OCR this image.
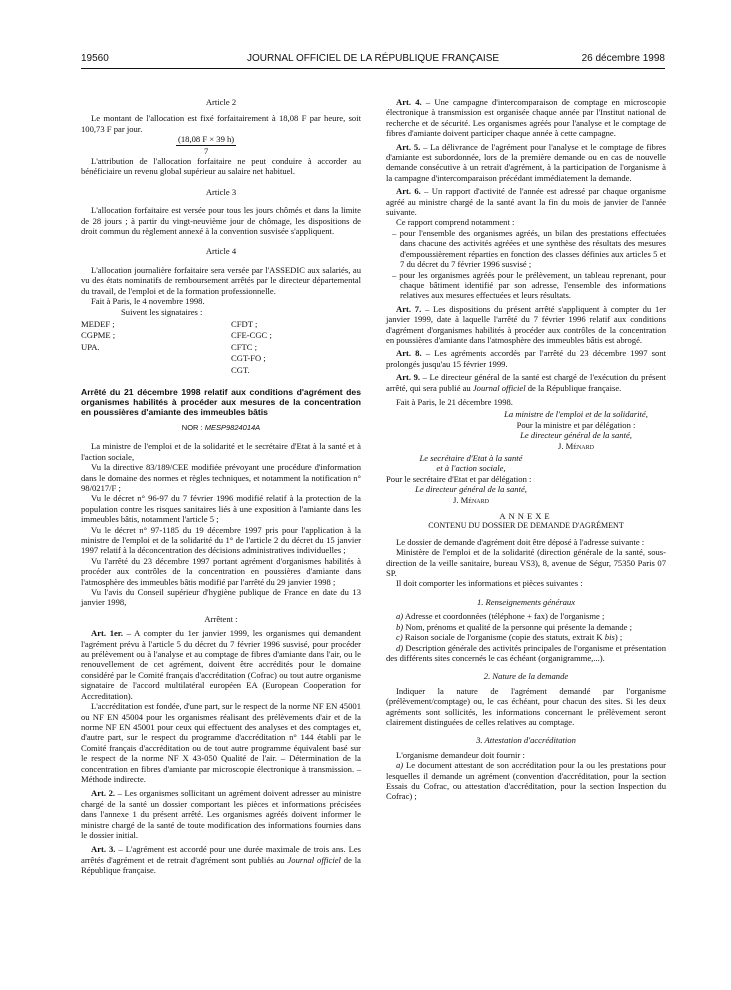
19560	JOURNAL OFFICIEL DE LA RÉPUBLIQUE FRANÇAISE	26 décembre 1998

Article 2

Le montant de l'allocation est fixé forfaitairement à 18,08 F par heure, soit 100,73 F par jour.

$\frac{(18,08 F \times 39 h)}{7}$

L'attribution de l'allocation forfaitaire ne peut conduire à accorder au bénéficiaire un revenu global supérieur au salaire net habituel.

Article 3

L'allocation forfaitaire est versée pour tous les jours chômés et dans la limite de 28 jours ; à partir du vingt-neuvième jour de chômage, les dispositions de droit commun du règlement annexé à la convention susvisée s'appliquent.

Article 4

L'allocation journalière forfaitaire sera versée par l'ASSEDIC aux salariés, au vu des états nominatifs de remboursement arrêtés par le directeur départemental du travail, de l'emploi et de la formation professionnelle.

Fait à Paris, le 4 novembre 1998.

Suivent les signataires :

MEDEF ;	CFDT ;
CGPME ;	CFE-CGC ;
UPA.	CFTC ;
CGT-FO ;
CGT.

Arrêté du 21 décembre 1998 relatif aux conditions d'agrément des organismes habilités à procéder aux mesures de la concentration en poussières d'amiante des immeubles bâtis

NOR : MESP9824014A

La ministre de l'emploi et de la solidarité et le secrétaire d'Etat à la santé et à l'action sociale,

Vu la directive 83/189/CEE modifiée prévoyant une procédure d'information dans le domaine des normes et règles techniques, et notamment la notification n° 98/0217/F ;

Vu le décret n° 96-97 du 7 février 1996 modifié relatif à la protection de la population contre les risques sanitaires liés à une exposition à l'amiante dans les immeubles bâtis, notamment l'article 5 ;

Vu le décret n° 97-1185 du 19 décembre 1997 pris pour l'application à la ministre de l'emploi et de la solidarité du 1° de l'article 2 du décret du 15 janvier 1997 relatif à la déconcentration des décisions administratives individuelles ;

Vu l'arrêté du 23 décembre 1997 portant agrément d'organismes habilités à procéder aux contrôles de la concentration en poussières d'amiante dans l'atmosphère des immeubles bâtis modifié par l'arrêté du 29 janvier 1998 ;

Vu l'avis du Conseil supérieur d'hygiène publique de France en date du 13 janvier 1998,

Arrêtent :

Art. 1er. – A compter du 1er janvier 1999, les organismes qui demandent l'agrément prévu à l'article 5 du décret du 7 février 1996 susvisé, pour procéder au prélèvement ou à l'analyse et au comptage de fibres d'amiante dans l'air, ou le renouvellement de cet agrément, doivent être accrédités pour le domaine considéré par le Comité français d'accréditation (Cofrac) ou tout autre organisme signataire de l'accord multilatéral européen EA (European Cooperation for Accreditation).

L'accréditation est fondée, d'une part, sur le respect de la norme NF EN 45001 ou NF EN 45004 pour les organismes réalisant des prélèvements d'air et de la norme NF EN 45001 pour ceux qui effectuent des analyses et des comptages et, d'autre part, sur le respect du programme d'accréditation n° 144 établi par le Comité français d'accréditation ou de tout autre programme équivalent basé sur le respect de la norme NF X 43-050 Qualité de l'air. – Détermination de la concentration en fibres d'amiante par microscopie électronique à transmission. – Méthode indirecte.

Art. 2. – Les organismes sollicitant un agrément doivent adresser au ministre chargé de la santé un dossier comportant les pièces et informations précisées dans l'annexe 1 du présent arrêté. Les organismes agréés doivent informer le ministre chargé de la santé de toute modification des informations fournies dans le dossier initial.

Art. 3. – L'agrément est accordé pour une durée maximale de trois ans. Les arrêtés d'agrément et de retrait d'agrément sont publiés au Journal officiel de la République française.

Art. 4. – Une campagne d'intercomparaison de comptage en microscopie électronique à transmission est organisée chaque année par l'Institut national de recherche et de sécurité. Les organismes agréés pour l'analyse et le comptage de fibres d'amiante doivent participer chaque année à cette campagne.

Art. 5. – La délivrance de l'agrément pour l'analyse et le comptage de fibres d'amiante est subordonnée, lors de la première demande ou en cas de nouvelle demande consécutive à un retrait d'agrément, à la participation de l'organisme à la campagne d'intercomparaison précédant immédiatement la demande.

Art. 6. – Un rapport d'activité de l'année est adressé par chaque organisme agréé au ministre chargé de la santé avant la fin du mois de janvier de l'année suivante.

Ce rapport comprend notamment :

– pour l'ensemble des organismes agréés, un bilan des prestations effectuées dans chacune des activités agréées et une synthèse des résultats des mesures d'empoussièrement réparties en fonction des classes définies aux articles 5 et 7 du décret du 7 février 1996 susvisé ;

– pour les organismes agréés pour le prélèvement, un tableau reprenant, pour chaque bâtiment identifié par son adresse, l'ensemble des informations relatives aux mesures effectuées et leurs résultats.

Art. 7. – Les dispositions du présent arrêté s'appliquent à compter du 1er janvier 1999, date à laquelle l'arrêté du 7 février 1996 relatif aux conditions d'agrément d'organismes habilités à procéder aux contrôles de la concentration en poussières d'amiante dans l'atmosphère des immeubles bâtis est abrogé.

Art. 8. – Les agréments accordés par l'arrêté du 23 décembre 1997 sont prolongés jusqu'au 15 février 1999.

Art. 9. – Le directeur général de la santé est chargé de l'exécution du présent arrêté, qui sera publié au Journal officiel de la République française.

Fait à Paris, le 21 décembre 1998.

La ministre de l'emploi et de la solidarité,

Pour la ministre et par délégation :

Le directeur général de la santé,

J. Ménard

Le secrétaire d'Etat à la santé

et à l'action sociale,

Pour le secrétaire d'Etat et par délégation :

Le directeur général de la santé,

J. Ménard

ANNEXE

CONTENU DU DOSSIER DE DEMANDE D'AGRÉMENT

Le dossier de demande d'agrément doit être déposé à l'adresse suivante :

Ministère de l'emploi et de la solidarité (direction générale de la santé, sous-direction de la veille sanitaire, bureau VS3), 8, avenue de Ségur, 75350 Paris 07 SP.

Il doit comporter les informations et pièces suivantes :

1. Renseignements généraux

a) Adresse et coordonnées (téléphone + fax) de l'organisme ;

b) Nom, prénoms et qualité de la personne qui présente la demande ;

c) Raison sociale de l'organisme (copie des statuts, extrait K bis) ;

d) Description générale des activités principales de l'organisme et présentation des différents sites concernés le cas échéant (organigramme,...).

2. Nature de la demande

Indiquer la nature de l'agrément demandé par l'organisme (prélèvement/comptage) ou, le cas échéant, pour chacun des sites. Si les deux agréments sont sollicités, les informations concernant le prélèvement seront clairement distinguées de celles relatives au comptage.

3. Attestation d'accréditation

L'organisme demandeur doit fournir :

a) Le document attestant de son accréditation pour la ou les prestations pour lesquelles il demande un agrément (convention d'accréditation, pour la section Essais du Cofrac, ou attestation d'accréditation, pour la section Inspection du Cofrac) ;
